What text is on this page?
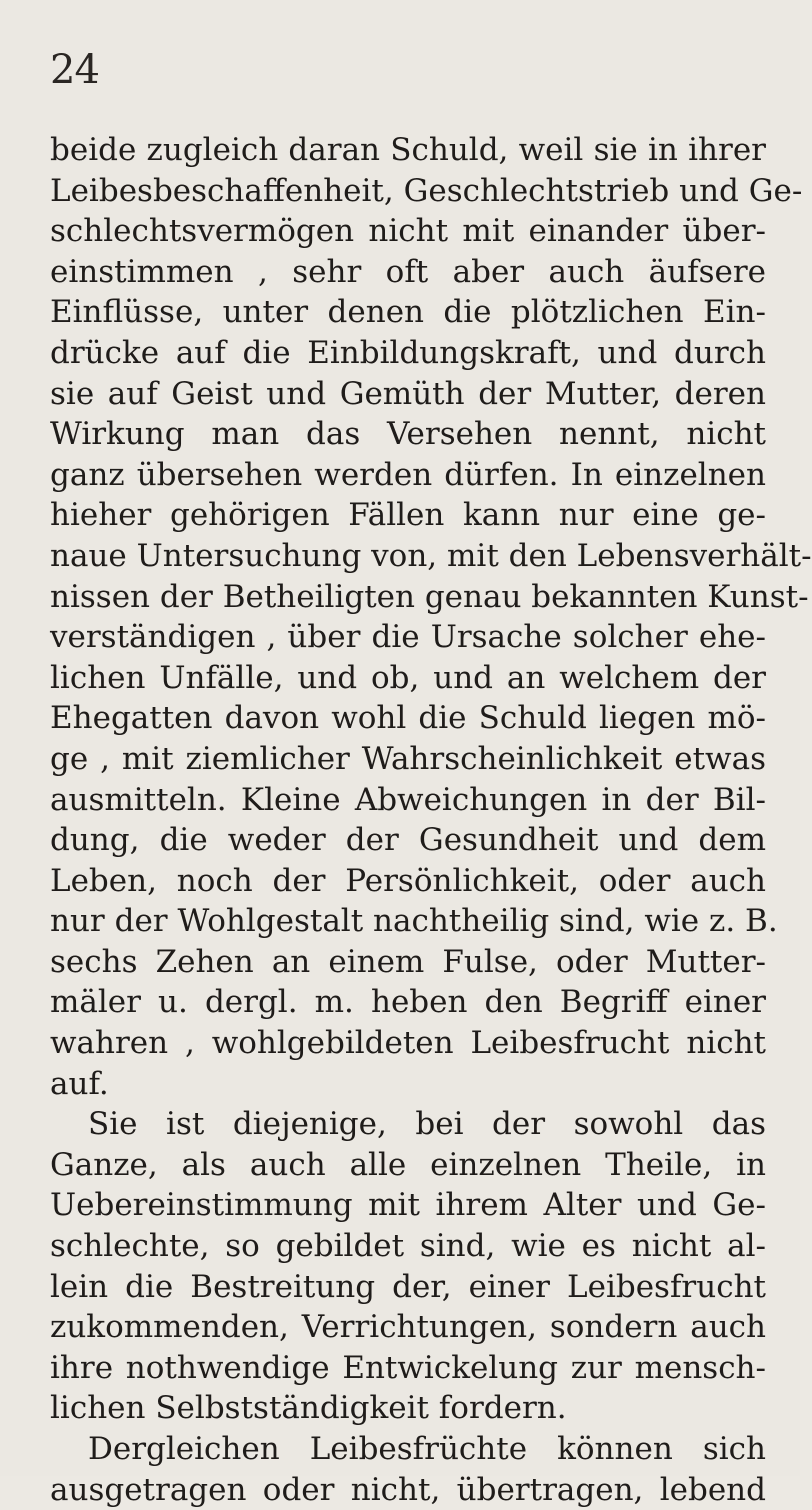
24
beide zugleich daran Schuld, weil sie in ihrer
Leibesbeschaffenheit, Geschlechtstrieb und Ge-
schlechtsvermögen nicht mit einander über-
einstimmen , sehr oft aber auch äufsere
Einflüsse, unter denen die plötzlichen Ein-
drücke auf die Einbildungskraft, und durch
sie auf Geist und Gemüth der Mutter, deren
Wirkung man das Versehen nennt, nicht
ganz übersehen werden dürfen. In einzelnen
hieher gehörigen Fällen kann nur eine ge-
naue Untersuchung von, mit den Lebensverhält-
nissen der Betheiligten genau bekannten Kunst-
verständigen , über die Ursache solcher ehe-
lichen Unfälle, und ob, und an welchem der
Ehegatten davon wohl die Schuld liegen mö-
ge , mit ziemlicher Wahrscheinlichkeit etwas
ausmitteln. Kleine Abweichungen in der Bil-
dung, die weder der Gesundheit und dem
Leben, noch der Persönlichkeit, oder auch
nur der Wohlgestalt nachtheilig sind, wie z. B.
sechs Zehen an einem Fulse, oder Mutter-
mäler u. dergl. m. heben den Begriff einer
wahren , wohlgebildeten Leibesfrucht nicht
auf.
Sie ist diejenige, bei der sowohl das
Ganze, als auch alle einzelnen Theile, in
Uebereinstimmung mit ihrem Alter und Ge-
schlechte, so gebildet sind, wie es nicht al-
lein die Bestreitung der, einer Leibesfrucht
zukommenden, Verrichtungen, sondern auch
ihre nothwendige Entwickelung zur mensch-
lichen Selbstständigkeit fordern.
Dergleichen Leibesfrüchte können sich
ausgetragen oder nicht, übertragen, lebend
